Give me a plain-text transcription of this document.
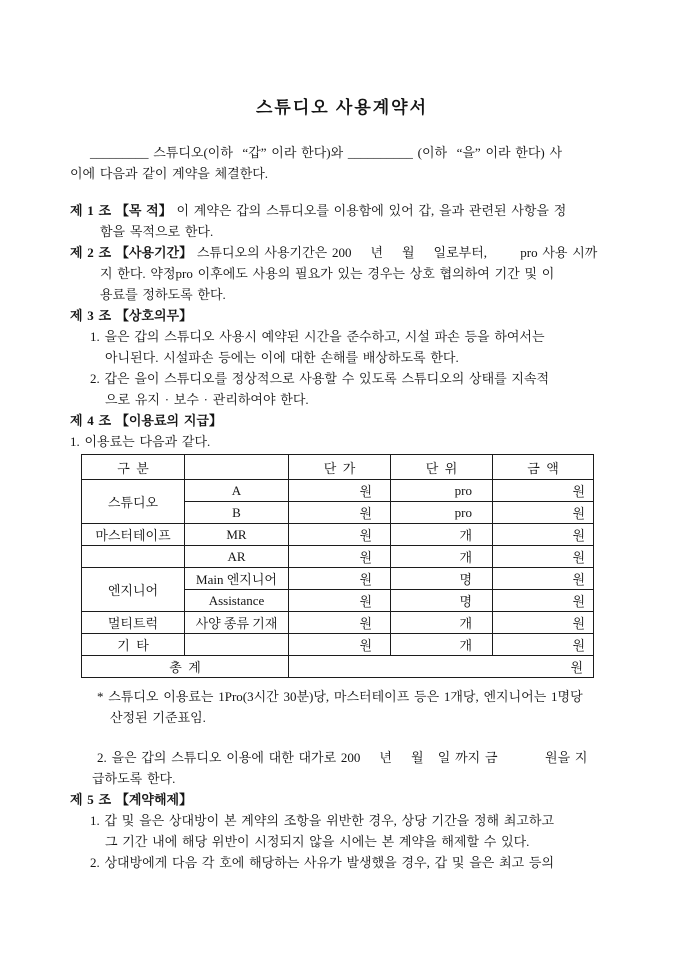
스튜디오 사용계약서
_________ 스튜디오(이하  “갑” 이라 한다)와 __________ (이하  “을” 이라 한다) 사
이에 다음과 같이 계약을 체결한다.
제 1 조 【목 적】 이 계약은 갑의 스튜디오를 이용함에 있어 갑, 을과 관련된 사항을 정
함을 목적으로 한다.
제 2 조 【사용기간】 스튜디오의 사용기간은 200    년    월    일로부터,       pro 사용 시까
지 한다. 약정pro 이후에도 사용의 필요가 있는 경우는 상호 협의하여 기간 및 이
용료를 정하도록 한다.
제 3 조 【상호의무】
1. 을은 갑의 스튜디오 사용시 예약된 시간을 준수하고, 시설 파손 등을 하여서는
아니된다. 시설파손 등에는 이에 대한 손해를 배상하도록 한다.
2. 갑은 을이 스튜디오를 정상적으로 사용할 수 있도록 스튜디오의 상태를 지속적
으로 유지 · 보수 · 관리하여야 한다.
제 4 조 【이용료의 지급】
1. 이용료는 다음과 같다.
구  분		단  가	단  위	금  액
스튜디오	A	원	pro	원
	B	원	pro	원
마스터테이프	MR	원	개	원
	AR	원	개	원
엔지니어	Main 엔지니어	원	명	원
	Assistance	원	명	원
멀티트럭	사양 종류 기재	원	개	원
기  타		원	개	원
총  계		원		
* 스튜디오 이용료는 1Pro(3시간 30분)당, 마스터테이프 등은 1개당, 엔지니어는 1명당
산정된 기준표임.
2. 을은 갑의 스튜디오 이용에 대한 대가로 200    년    월   일 까지 금          원을 지
급하도록 한다.
제 5 조 【계약해제】
1. 갑 및 을은 상대방이 본 계약의 조항을 위반한 경우, 상당 기간을 정해 최고하고
그 기간 내에 해당 위반이 시정되지 않을 시에는 본 계약을 해제할 수 있다.
2. 상대방에게 다음 각 호에 해당하는 사유가 발생했을 경우, 갑 및 을은 최고 등의
